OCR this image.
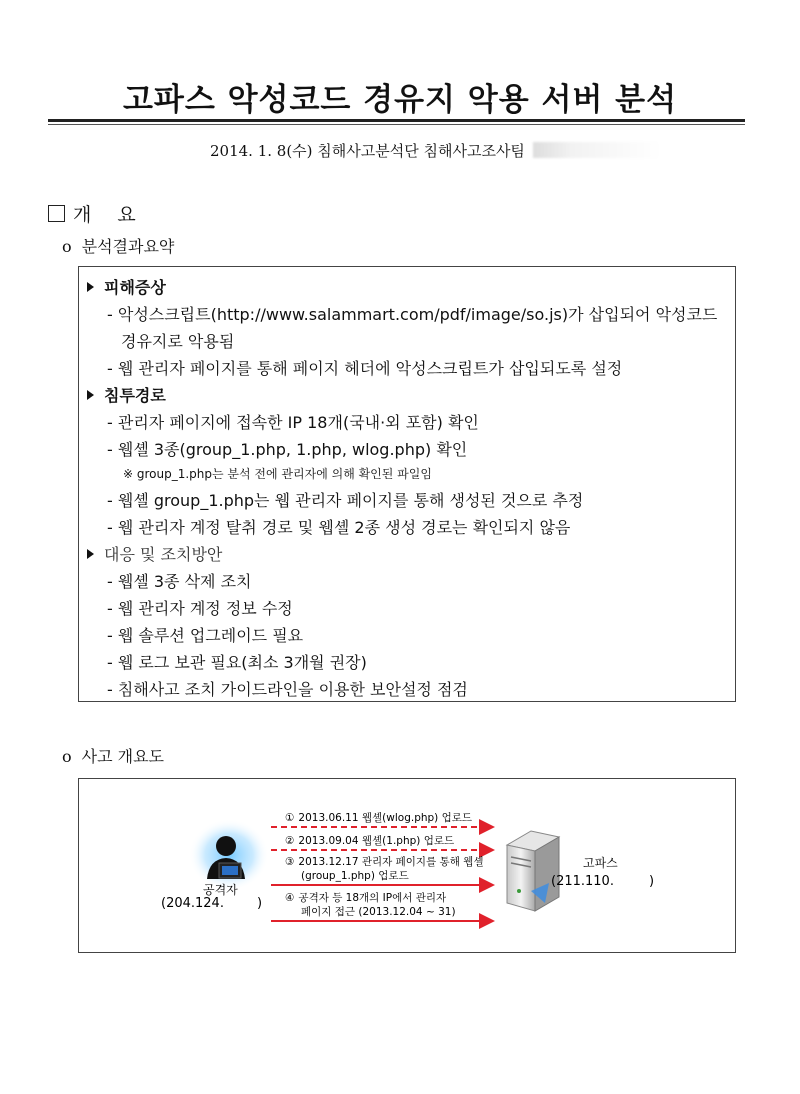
고파스 악성코드 경유지 악용 서버 분석
2014. 1. 8(수) 침해사고분석단 침해사고조사팀
개 요
o 분석결과요약
피해증상
- 악성스크립트(http://www.salammart.com/pdf/image/so.js)가 삽입되어 악성코드
경유지로 악용됨
- 웹 관리자 페이지를 통해 페이지 헤더에 악성스크립트가 삽입되도록 설정
침투경로
- 관리자 페이지에 접속한 IP 18개(국내·외 포함) 확인
- 웹셸 3종(group_1.php, 1.php, wlog.php) 확인
※ group_1.php는 분석 전에 관리자에 의해 확인된 파일임
- 웹셸 group_1.php는 웹 관리자 페이지를 통해 생성된 것으로 추정
- 웹 관리자 계정 탈취 경로 및 웹셸 2종 생성 경로는 확인되지 않음
대응 및 조치방안
- 웹셸 3종 삭제 조치
- 웹 관리자 계정 정보 수정
- 웹 솔루션 업그레이드 필요
- 웹 로그 보관 필요(최소 3개월 권장)
- 침해사고 조치 가이드라인을 이용한 보안설정 점검
o 사고 개요도
공격자
(204.124.	)
① 2013.06.11 웹셸(wlog.php) 업로드
② 2013.09.04 웹셸(1.php) 업로드
③ 2013.12.17 관리자 페이지를 통해 웹셸
(group_1.php) 업로드
④ 공격자 등 18개의 IP에서 관리자
페이지 접근 (2013.12.04 ~ 31)
고파스
(211.110.	)
